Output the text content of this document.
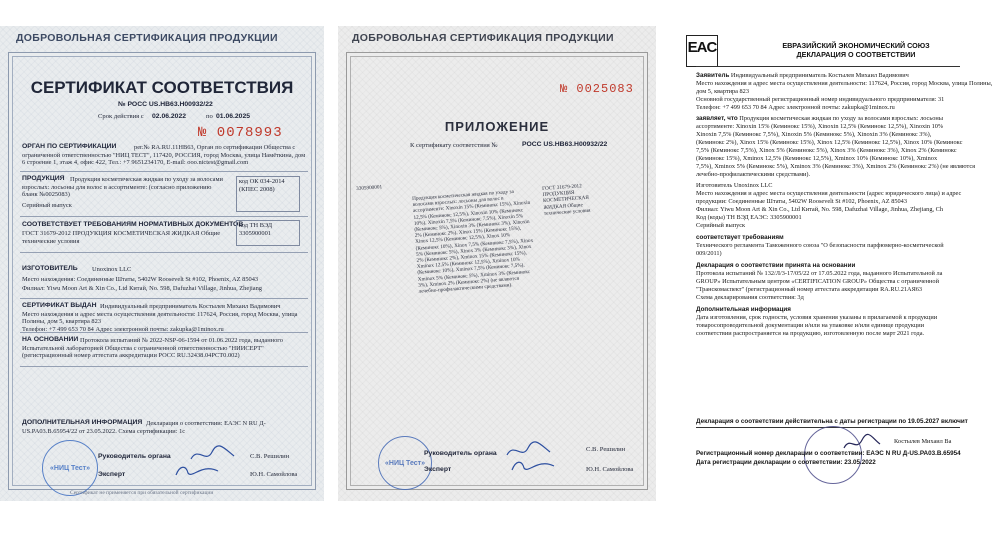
ДОБРОВОЛЬНАЯ СЕРТИФИКАЦИЯ ПРОДУКЦИИ
СЕРТИФИКАТ СООТВЕТСТВИЯ
№ РОСС US.НВ63.Н00932/22
Срок действия с 02.06.2022	по 01.06.2025
№ 0078993
ОРГАН ПО СЕРТИФИКАЦИИ	рег.№ RA.RU.11НВ63, Орган по сертификации Общества с ограниченной ответственностью "НИЦ ТЕСТ", 117420, РОССИЯ, город Москва, улица Намёткина, дом 6 строение 1, этаж 4, офис 422, Тел.: +7 9651234170, E-mail: ooo.nictest@gmail.com
ПРОДУКЦИЯ Продукция косметическая жидкая по уходу за волосами взрослых: лосьоны для волос в ассортименте: (согласно приложению бланк №0025083)
Серийный выпуск
код ОК 034-2014 (КПЕС 2008)
СООТВЕТСТВУЕТ ТРЕБОВАНИЯМ НОРМАТИВНЫХ ДОКУМЕНТОВ
ГОСТ 31679-2012 ПРОДУКЦИЯ КОСМЕТИЧЕСКАЯ ЖИДКАЯ Общие технические условия
код ТН ВЭД
3305900001
ИЗГОТОВИТЕЛЬ Unoxinox LLC
Место нахождения: Соединенные Штаты, 5402W Roosevelt St #102, Phoenix, AZ 85043
Филиал: Yiwu Moon Art & Xin Co., Ltd Китай, No. 598, Dafuzhai Village, Jinhua, Zhejiang
СЕРТИФИКАТ ВЫДАН Индивидуальный предприниматель Костылев Михаил Вадимович
Место нахождения и адрес места осуществления деятельности: 117624, Россия, город Москва, улица Полины, дом 5, квартира 823
Телефон: +7 499 653 70 84 Адрес электронной почты: zakupka@1minox.ru
НА ОСНОВАНИИ Протокола испытаний № 2022-NSP-06-1594 от 01.06.2022 года, выданного Испытательной лабораторией Общества с ограниченной ответственностью "НИИСЕРТ" (регистрационный номер аттестата аккредитации РОСС RU.32438.04РСТ0.002)
ДОПОЛНИТЕЛЬНАЯ ИНФОРМАЦИЯ Декларация о соответствии: ЕАЭС N RU Д-US.PA03.B.65954/22 от 23.05.2022. Схема сертификации: 1с
«НИЦ Тест»
Руководитель органа	С.В. Решилин
Эксперт	Ю.Н. Самойлова
Сертификат не применяется при обязательной сертификации
ДОБРОВОЛЬНАЯ СЕРТИФИКАЦИЯ ПРОДУКЦИИ
№ 0025083
ПРИЛОЖЕНИЕ
К сертификату соответствия №	РОСС US.НВ63.Н00932/22
3305900001
Продукция косметическая жидкая по уходу за волосами взрослых: лосьоны для волос в ассортименте: Xinoxin 15% (Кеминокс 15%), Xinoxin 12,5% (Кеминокс 12,5%), Xinoxin 10% (Кеминокс 10%), Xinoxin 7,5% (Кеминокс 7,5%), Xinoxin 5% (Кеминокс 5%), Xinoxin 3% (Кеминокс 3%), Xinoxin 2% (Кеминокс 2%), Xinox 15% (Кеминокс 15%), Xinox 12,5% (Кеминокс 12,5%), Xinox 10% (Кеминокс 10%), Xinox 7,5% (Кеминокс 7,5%), Xinox 5% (Кеминокс 5%), Xinox 3% (Кеминокс 3%), Xinox 2% (Кеминокс 2%), Xminox 15% (Кеминокс 15%), Xminox 12,5% (Кеминокс 12,5%), Xminox 10% (Кеминокс 10%), Xminox 7,5% (Кеминокс 7,5%), Xminox 5% (Кеминокс 5%), Xminox 3% (Кеминокс 3%), Xminox 2% (Кеминокс 2%) (не являются лечебно-профилактическими средствами).
ГОСТ 31679-2012 ПРОДУКЦИЯ КОСМЕТИЧЕСКАЯ ЖИДКАЯ Общие технические условия
«НИЦ Тест»
Руководитель органа
С.В. Решилин
Эксперт	Ю.Н. Самойлова
EAC	ЕВРАЗИЙСКИЙ ЭКОНОМИЧЕСКИЙ СОЮЗ
ДЕКЛАРАЦИЯ О СООТВЕТСТВИИ
Заявитель Индивидуальный предприниматель Костылев Михаил Вадимович
Место нахождения и адрес места осуществления деятельности: 117624, Россия, город Москва, улица Полины,
дом 5, квартира 823
Основной государственный регистрационный номер индивидуального предпринимателя: 31
Телефон: +7 499 653 70 84 Адрес электронной почты: zakupka@1minox.ru
заявляет, что Продукция косметическая жидкая по уходу за волосами взрослых: лосьоны
ассортименте: Xinoxin 15% (Кеминокс 15%), Xinoxin 12,5% (Кеминокс 12,5%), Xinoxin 10%
Xinoxin 7,5% (Кеминокс 7,5%), Xinoxin 5% (Кеминокс 5%), Xinoxin 3% (Кеминокс 3%),
(Кеминокс 2%), Xinox 15% (Кеминокс 15%), Xinox 12,5% (Кеминокс 12,5%), Xinox 10% (Кеминокс
7,5% (Кеминокс 7,5%), Xinox 5% (Кеминокс 5%), Xinox 3% (Кеминокс 3%), Xinox 2% (Кеминокс
(Кеминокс 15%), Xminox 12,5% (Кеминокс 12,5%), Xminox 10% (Кеминокс 10%), Xminox
7,5%), Xminox 5% (Кеминокс 5%), Xminox 3% (Кеминокс 3%), Xminox 2% (Кеминокс 2%) (не являются
лечебно-профилактическими средствами).
Изготовитель Unoxinox LLC
Место нахождения и адрес места осуществления деятельности (адрес юридического лица) и адрес
продукции: Соединенные Штаты, 5402W Roosevelt St #102, Phoenix, AZ 85043
Филиал: Yiwu Moon Art & Xin Co., Ltd Китай, No. 598, Dafuzhai Village, Jinhua, Zhejiang, Ch
Код (коды) ТН ВЭД ЕАЭС: 3305900001
Серийный выпуск
соответствует требованиям
Технического регламента Таможенного союза "О безопасности парфюмерно-косметической
009/2011)
Декларация о соответствии принята на основании
Протокола испытаний № 132/Л/3-17/05/22 от 17.05.2022 года, выданного Испытательной ла
GROUP» Испытательным центром «CERTIFICATION GROUP» Общества с ограниченной
"Транскомаспект" (регистрационный номер аттестата аккредитации RA.RU.21AЯ63
Схема декларирования соответствия: 3д
Дополнительная информация
Дата изготовления, срок годности, условия хранения указаны в прилагаемой к продукции
товаросопроводительной документации и/или на упаковке и/или единице продукции
соответствии распространяется на продукцию, изготовленную после март 2021 года.
Декларация о соответствии действительна с даты регистрации по 19.05.2027 включит
Костылев Михаил Ва
Регистрационный номер декларации о соответствии: ЕАЭС N RU Д-US.PA03.B.65954
Дата регистрации декларации о соответствии: 23.05.2022
